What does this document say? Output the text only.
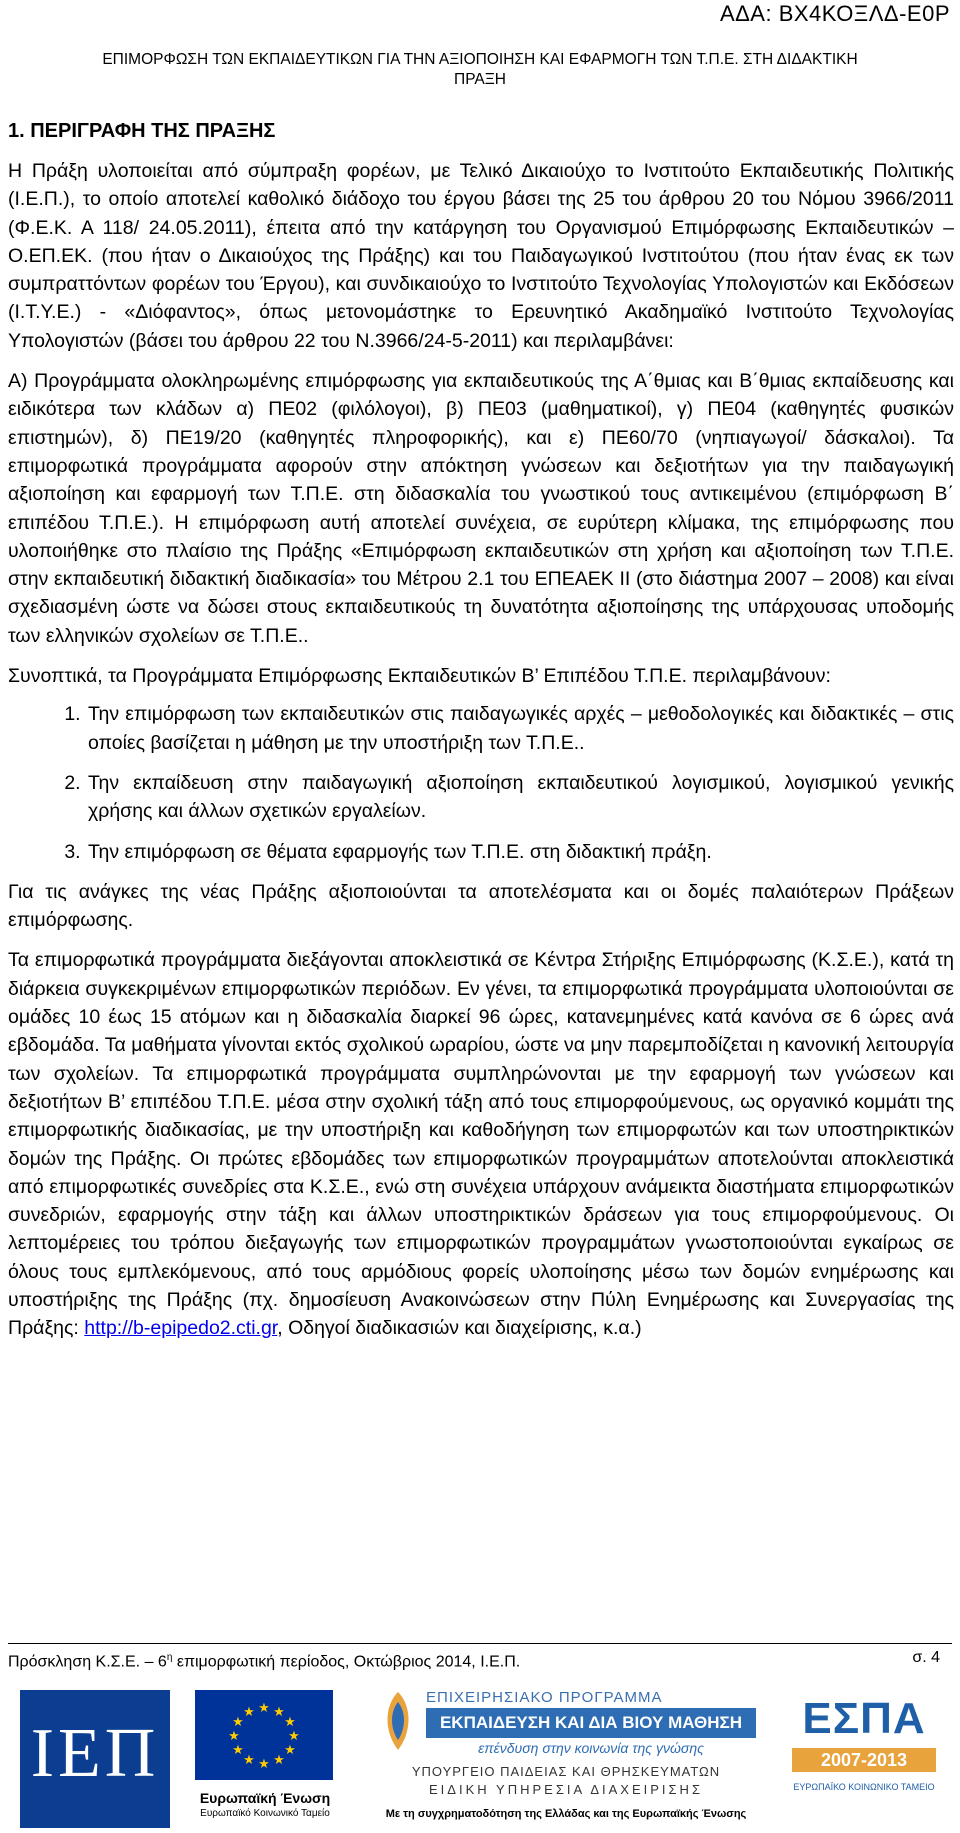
ΑΔΑ: ΒΧ4ΚΟΞΛΔ-Ε0Ρ
ΕΠΙΜΟΡΦΩΣΗ ΤΩΝ ΕΚΠΑΙΔΕΥΤΙΚΩΝ ΓΙΑ ΤΗΝ ΑΞΙΟΠΟΙΗΣΗ ΚΑΙ ΕΦΑΡΜΟΓΗ ΤΩΝ Τ.Π.Ε. ΣΤΗ ΔΙΔΑΚΤΙΚΗ
ΠΡΑΞΗ
1. ΠΕΡΙΓΡΑΦΗ ΤΗΣ ΠΡΑΞΗΣ

Η Πράξη υλοποιείται από σύμπραξη φορέων, με Τελικό Δικαιούχο το Ινστιτούτο Εκπαιδευτικής Πολιτικής (Ι.Ε.Π.), το οποίο αποτελεί καθολικό διάδοχο του έργου βάσει της 25 του άρθρου 20 του Νόμου 3966/2011 (Φ.Ε.Κ. Α 118/ 24.05.2011), έπειτα από την κατάργηση του Οργανισμού Επιμόρφωσης Εκπαιδευτικών – Ο.ΕΠ.ΕΚ. (που ήταν ο Δικαιούχος της Πράξης) και του Παιδαγωγικού Ινστιτούτου (που ήταν ένας εκ των συμπραττόντων φορέων του Έργου), και συνδικαιούχο το Ινστιτούτο Τεχνολογίας Υπολογιστών και Εκδόσεων (Ι.Τ.Υ.Ε.) - «Διόφαντος», όπως μετονομάστηκε το Ερευνητικό Ακαδημαϊκό Ινστιτούτο Τεχνολογίας Υπολογιστών (βάσει του άρθρου 22 του Ν.3966/24-5-2011) και περιλαμβάνει:

Α) Προγράμματα ολοκληρωμένης επιμόρφωσης για εκπαιδευτικούς της Α΄θμιας και Β΄θμιας εκπαίδευσης και ειδικότερα των κλάδων α) ΠΕ02 (φιλόλογοι), β) ΠΕ03 (μαθηματικοί), γ) ΠΕ04 (καθηγητές φυσικών επιστημών), δ) ΠΕ19/20 (καθηγητές πληροφορικής), και ε) ΠΕ60/70 (νηπιαγωγοί/ δάσκαλοι). Τα επιμορφωτικά προγράμματα αφορούν στην απόκτηση γνώσεων και δεξιοτήτων για την παιδαγωγική αξιοποίηση και εφαρμογή των Τ.Π.Ε. στη διδασκαλία του γνωστικού τους αντικειμένου (επιμόρφωση Β΄ επιπέδου Τ.Π.Ε.). Η επιμόρφωση αυτή αποτελεί συνέχεια, σε ευρύτερη κλίμακα, της επιμόρφωσης που υλοποιήθηκε στο πλαίσιο της Πράξης «Επιμόρφωση εκπαιδευτικών στη χρήση και αξιοποίηση των Τ.Π.Ε. στην εκπαιδευτική διδακτική διαδικασία» του Μέτρου 2.1 του ΕΠΕΑΕΚ ΙΙ (στο διάστημα 2007 – 2008) και είναι σχεδιασμένη ώστε να δώσει στους εκπαιδευτικούς τη δυνατότητα αξιοποίησης της υπάρχουσας υποδομής των ελληνικών σχολείων σε Τ.Π.Ε..

Συνοπτικά, τα Προγράμματα Επιμόρφωσης Εκπαιδευτικών Β’ Επιπέδου Τ.Π.Ε. περιλαμβάνουν:

1. Την επιμόρφωση των εκπαιδευτικών στις παιδαγωγικές αρχές – μεθοδολογικές και διδακτικές – στις οποίες βασίζεται η μάθηση με την υποστήριξη των Τ.Π.Ε..
2. Την εκπαίδευση στην παιδαγωγική αξιοποίηση εκπαιδευτικού λογισμικού, λογισμικού γενικής χρήσης και άλλων σχετικών εργαλείων.
3. Την επιμόρφωση σε θέματα εφαρμογής των Τ.Π.Ε. στη διδακτική πράξη.

Για τις ανάγκες της νέας Πράξης αξιοποιούνται τα αποτελέσματα και οι δομές παλαιότερων Πράξεων επιμόρφωσης.

Τα επιμορφωτικά προγράμματα διεξάγονται αποκλειστικά σε Κέντρα Στήριξης Επιμόρφωσης (Κ.Σ.Ε.), κατά τη διάρκεια συγκεκριμένων επιμορφωτικών περιόδων. Εν γένει, τα επιμορφωτικά προγράμματα υλοποιούνται σε ομάδες 10 έως 15 ατόμων και η διδασκαλία διαρκεί 96 ώρες, κατανεμημένες κατά κανόνα σε 6 ώρες ανά εβδομάδα. Τα μαθήματα γίνονται εκτός σχολικού ωραρίου, ώστε να μην παρεμποδίζεται η κανονική λειτουργία των σχολείων. Τα επιμορφωτικά προγράμματα συμπληρώνονται με την εφαρμογή των γνώσεων και δεξιοτήτων Β’ επιπέδου Τ.Π.Ε. μέσα στην σχολική τάξη από τους επιμορφούμενους, ως οργανικό κομμάτι της επιμορφωτικής διαδικασίας, με την υποστήριξη και καθοδήγηση των επιμορφωτών και των υποστηρικτικών δομών της Πράξης. Οι πρώτες εβδομάδες των επιμορφωτικών προγραμμάτων αποτελούνται αποκλειστικά από επιμορφωτικές συνεδρίες στα Κ.Σ.Ε., ενώ στη συνέχεια υπάρχουν ανάμεικτα διαστήματα επιμορφωτικών συνεδριών, εφαρμογής στην τάξη και άλλων υποστηρικτικών δράσεων για τους επιμορφούμενους. Οι λεπτομέρειες του τρόπου διεξαγωγής των επιμορφωτικών προγραμμάτων γνωστοποιούνται εγκαίρως σε όλους τους εμπλεκόμενους, από τους αρμόδιους φορείς υλοποίησης μέσω των δομών ενημέρωσης και υποστήριξης της Πράξης (πχ. δημοσίευση Ανακοινώσεων στην Πύλη Ενημέρωσης και Συνεργασίας της Πράξης: http://b-epipedo2.cti.gr, Οδηγοί διαδικασιών και διαχείρισης, κ.α.)

Πρόσκληση Κ.Σ.Ε. – $6^\eta$ επιμορφωτική περίοδος, Οκτώβριος 2014, Ι.Ε.Π.	σ. 4
ΙΕΠ
★ ★
★
★
★
★
★
★
★
★
★
★
Ευρωπαϊκή Ένωση
Ευρωπαϊκό Κοινωνικό Ταμείο
ΕΠΙΧΕΙΡΗΣΙΑΚΟ ΠΡΟΓΡΑΜΜΑ
ΕΚΠΑΙΔΕΥΣΗ ΚΑΙ ΔΙΑ ΒΙΟΥ ΜΑΘΗΣΗ
επένδυση στην κοινωνία της γνώσης
ΥΠΟΥΡΓΕΙΟ ΠΑΙΔΕΙΑΣ ΚΑΙ ΘΡΗΣΚΕΥΜΑΤΩΝ
ΕΙΔΙΚΗ ΥΠΗΡΕΣΙΑ ΔΙΑΧΕΙΡΙΣΗΣ
Με τη συγχρηματοδότηση της Ελλάδας και της Ευρωπαϊκής Ένωσης
ΕΣΠΑ
2007-2013
ΕΥΡΩΠΑΪΚΟ ΚΟΙΝΩΝΙΚΟ ΤΑΜΕΙΟ
